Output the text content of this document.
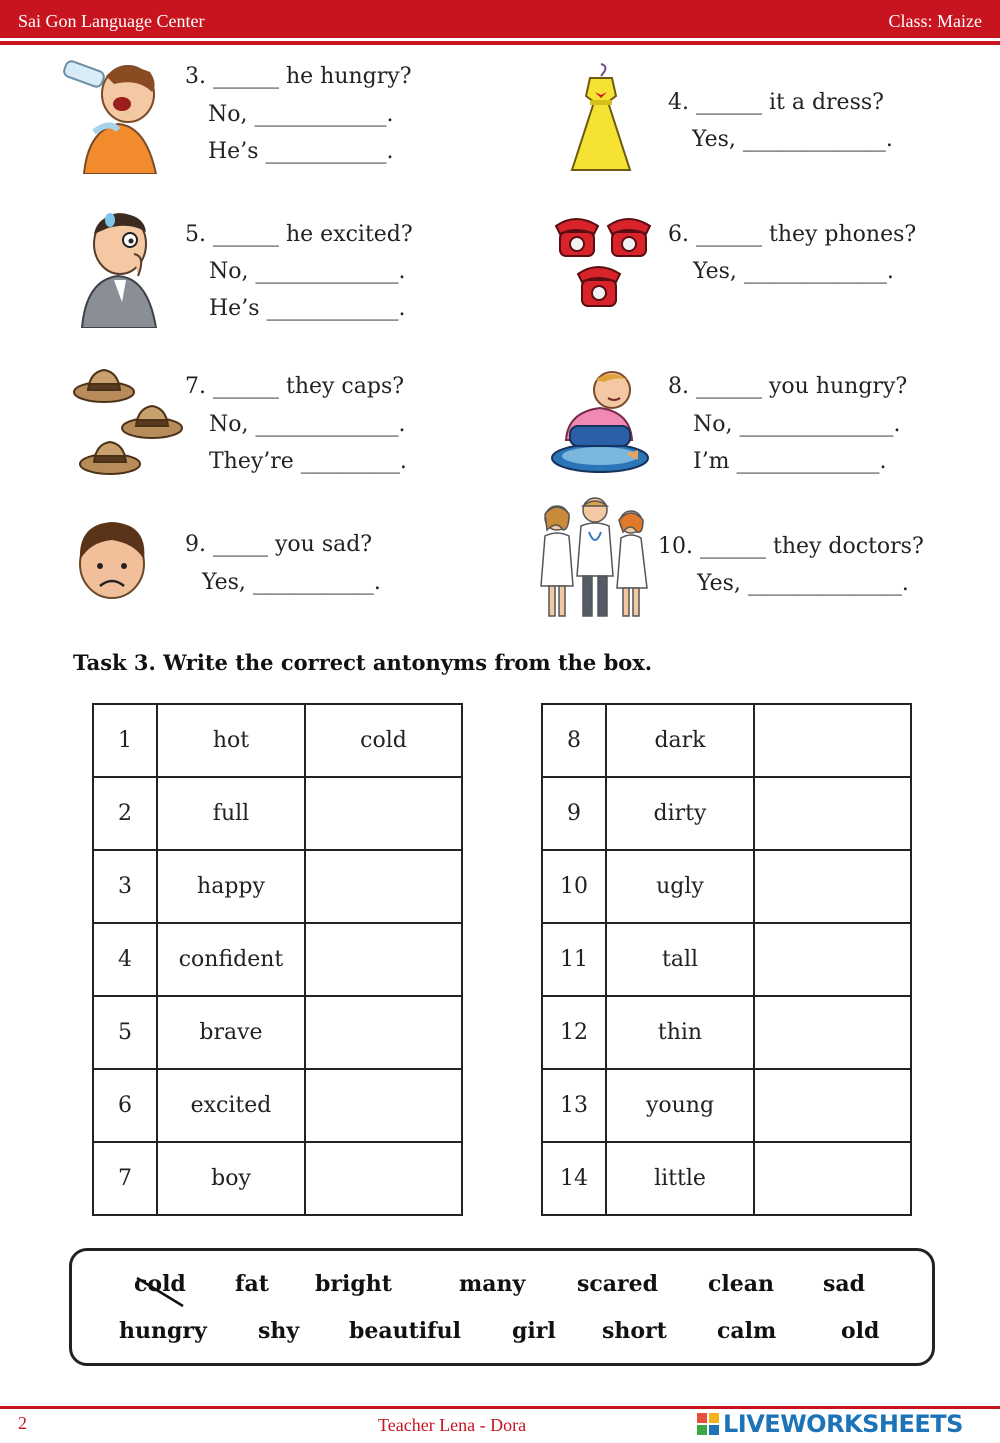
Sai Gon Language Center	Class: Maize
3. ______ he hungry?
No, ____________.
He’s ___________.
4. ______ it a dress?
Yes, _____________.
5. ______ he excited?
No, _____________.
He’s ____________.
6. ______ they phones?
Yes, _____________.
7. ______ they caps?
No, _____________.
They’re _________.
8. ______ you hungry?
No, ______________.
I’m _____________.
9. _____ you sad?
Yes, ___________.
10. ______ they doctors?
Yes, ______________.
Task 3. Write the correct antonyms from the box.
1	hot	cold
2	full	
3	happy	
4	confident	
5	brave	
6	excited	
7	boy	
8	dark	
9	dirty	
10	ugly	
11	tall	
12	thin	
13	young	
14	little	
cold fat bright	many scared clean sad
hungry shy beautiful girl short calm	old
2	Teacher Lena - Dora	LIVEWORKSHEETS
